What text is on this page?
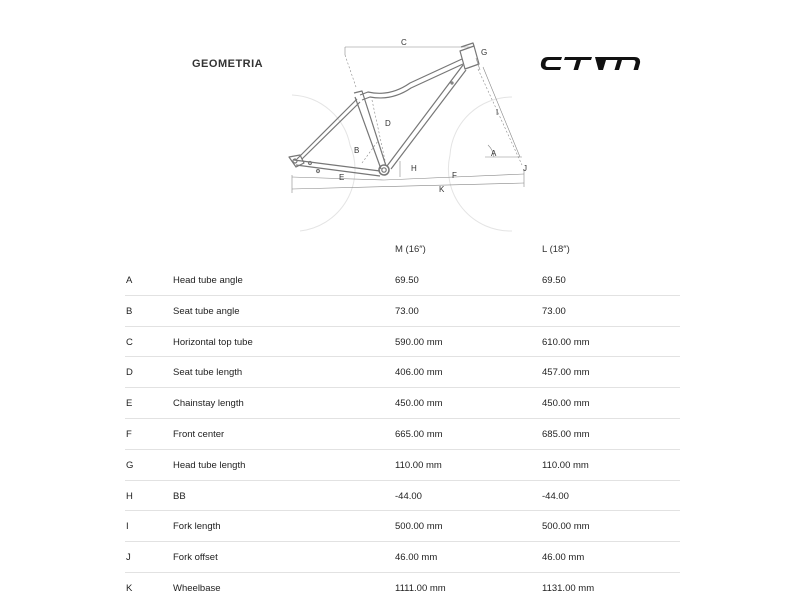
GEOMETRIA
C
G
I
A
D
B
H
E	F
J
K
M (16″)	L (18″)
A	Head tube angle	69.50	69.50
B	Seat tube angle	73.00	73.00
C	Horizontal top tube	590.00 mm	610.00 mm
D	Seat tube length	406.00 mm	457.00 mm
E	Chainstay length	450.00 mm	450.00 mm
F	Front center	665.00 mm	685.00 mm
G	Head tube length	110.00 mm	110.00 mm
H	BB	-44.00	-44.00
I	Fork length	500.00 mm	500.00 mm
J	Fork offset	46.00 mm	46.00 mm
K	Wheelbase	1111.00 mm	1131.00 mm
